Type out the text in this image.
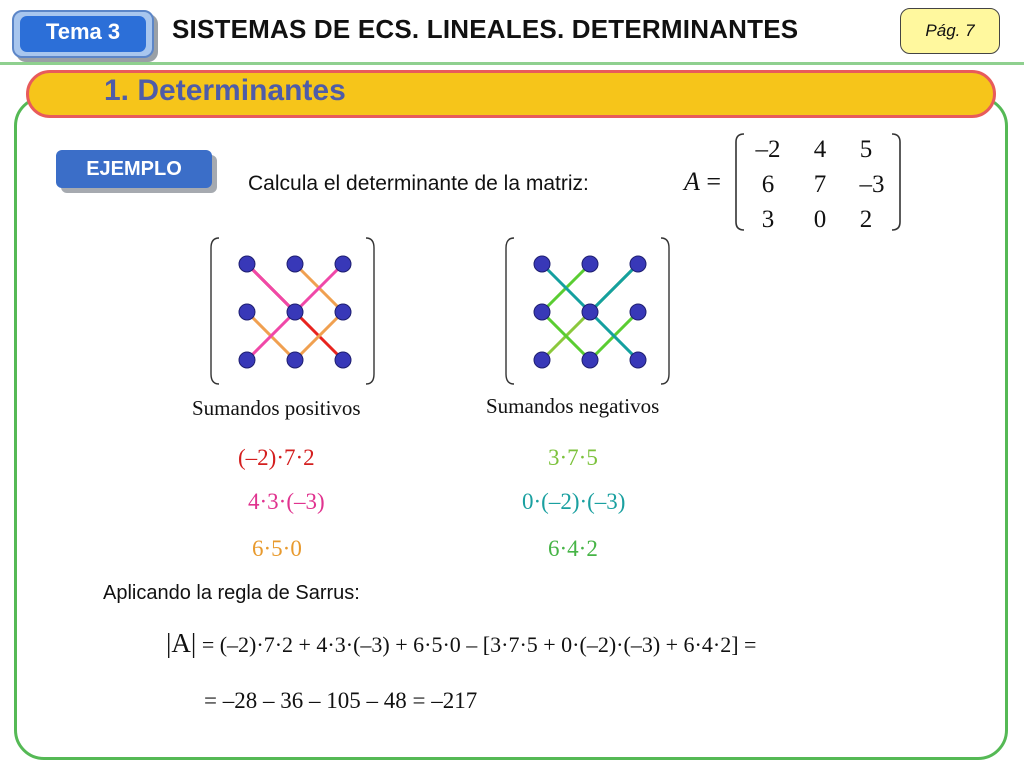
Tema 3	SISTEMAS DE ECS. LINEALES. DETERMINANTES	Pág. 7
1. Determinantes
EJEMPLO
Calcula el determinante de la matriz:	A =
–2	4	5
6	7	–3
3	0	2
Sumandos positivos	Sumandos negativos
(–2)·7·2
4·3·(–3)
6·5·0
3·7·5
0·(–2)·(–3)
6·4·2
Aplicando la regla de Sarrus:
|A| = (–2)·7·2 + 4·3·(–3) + 6·5·0 – [3·7·5 + 0·(–2)·(–3) + 6·4·2] =
= –28 – 36 – 105 – 48 = –217
